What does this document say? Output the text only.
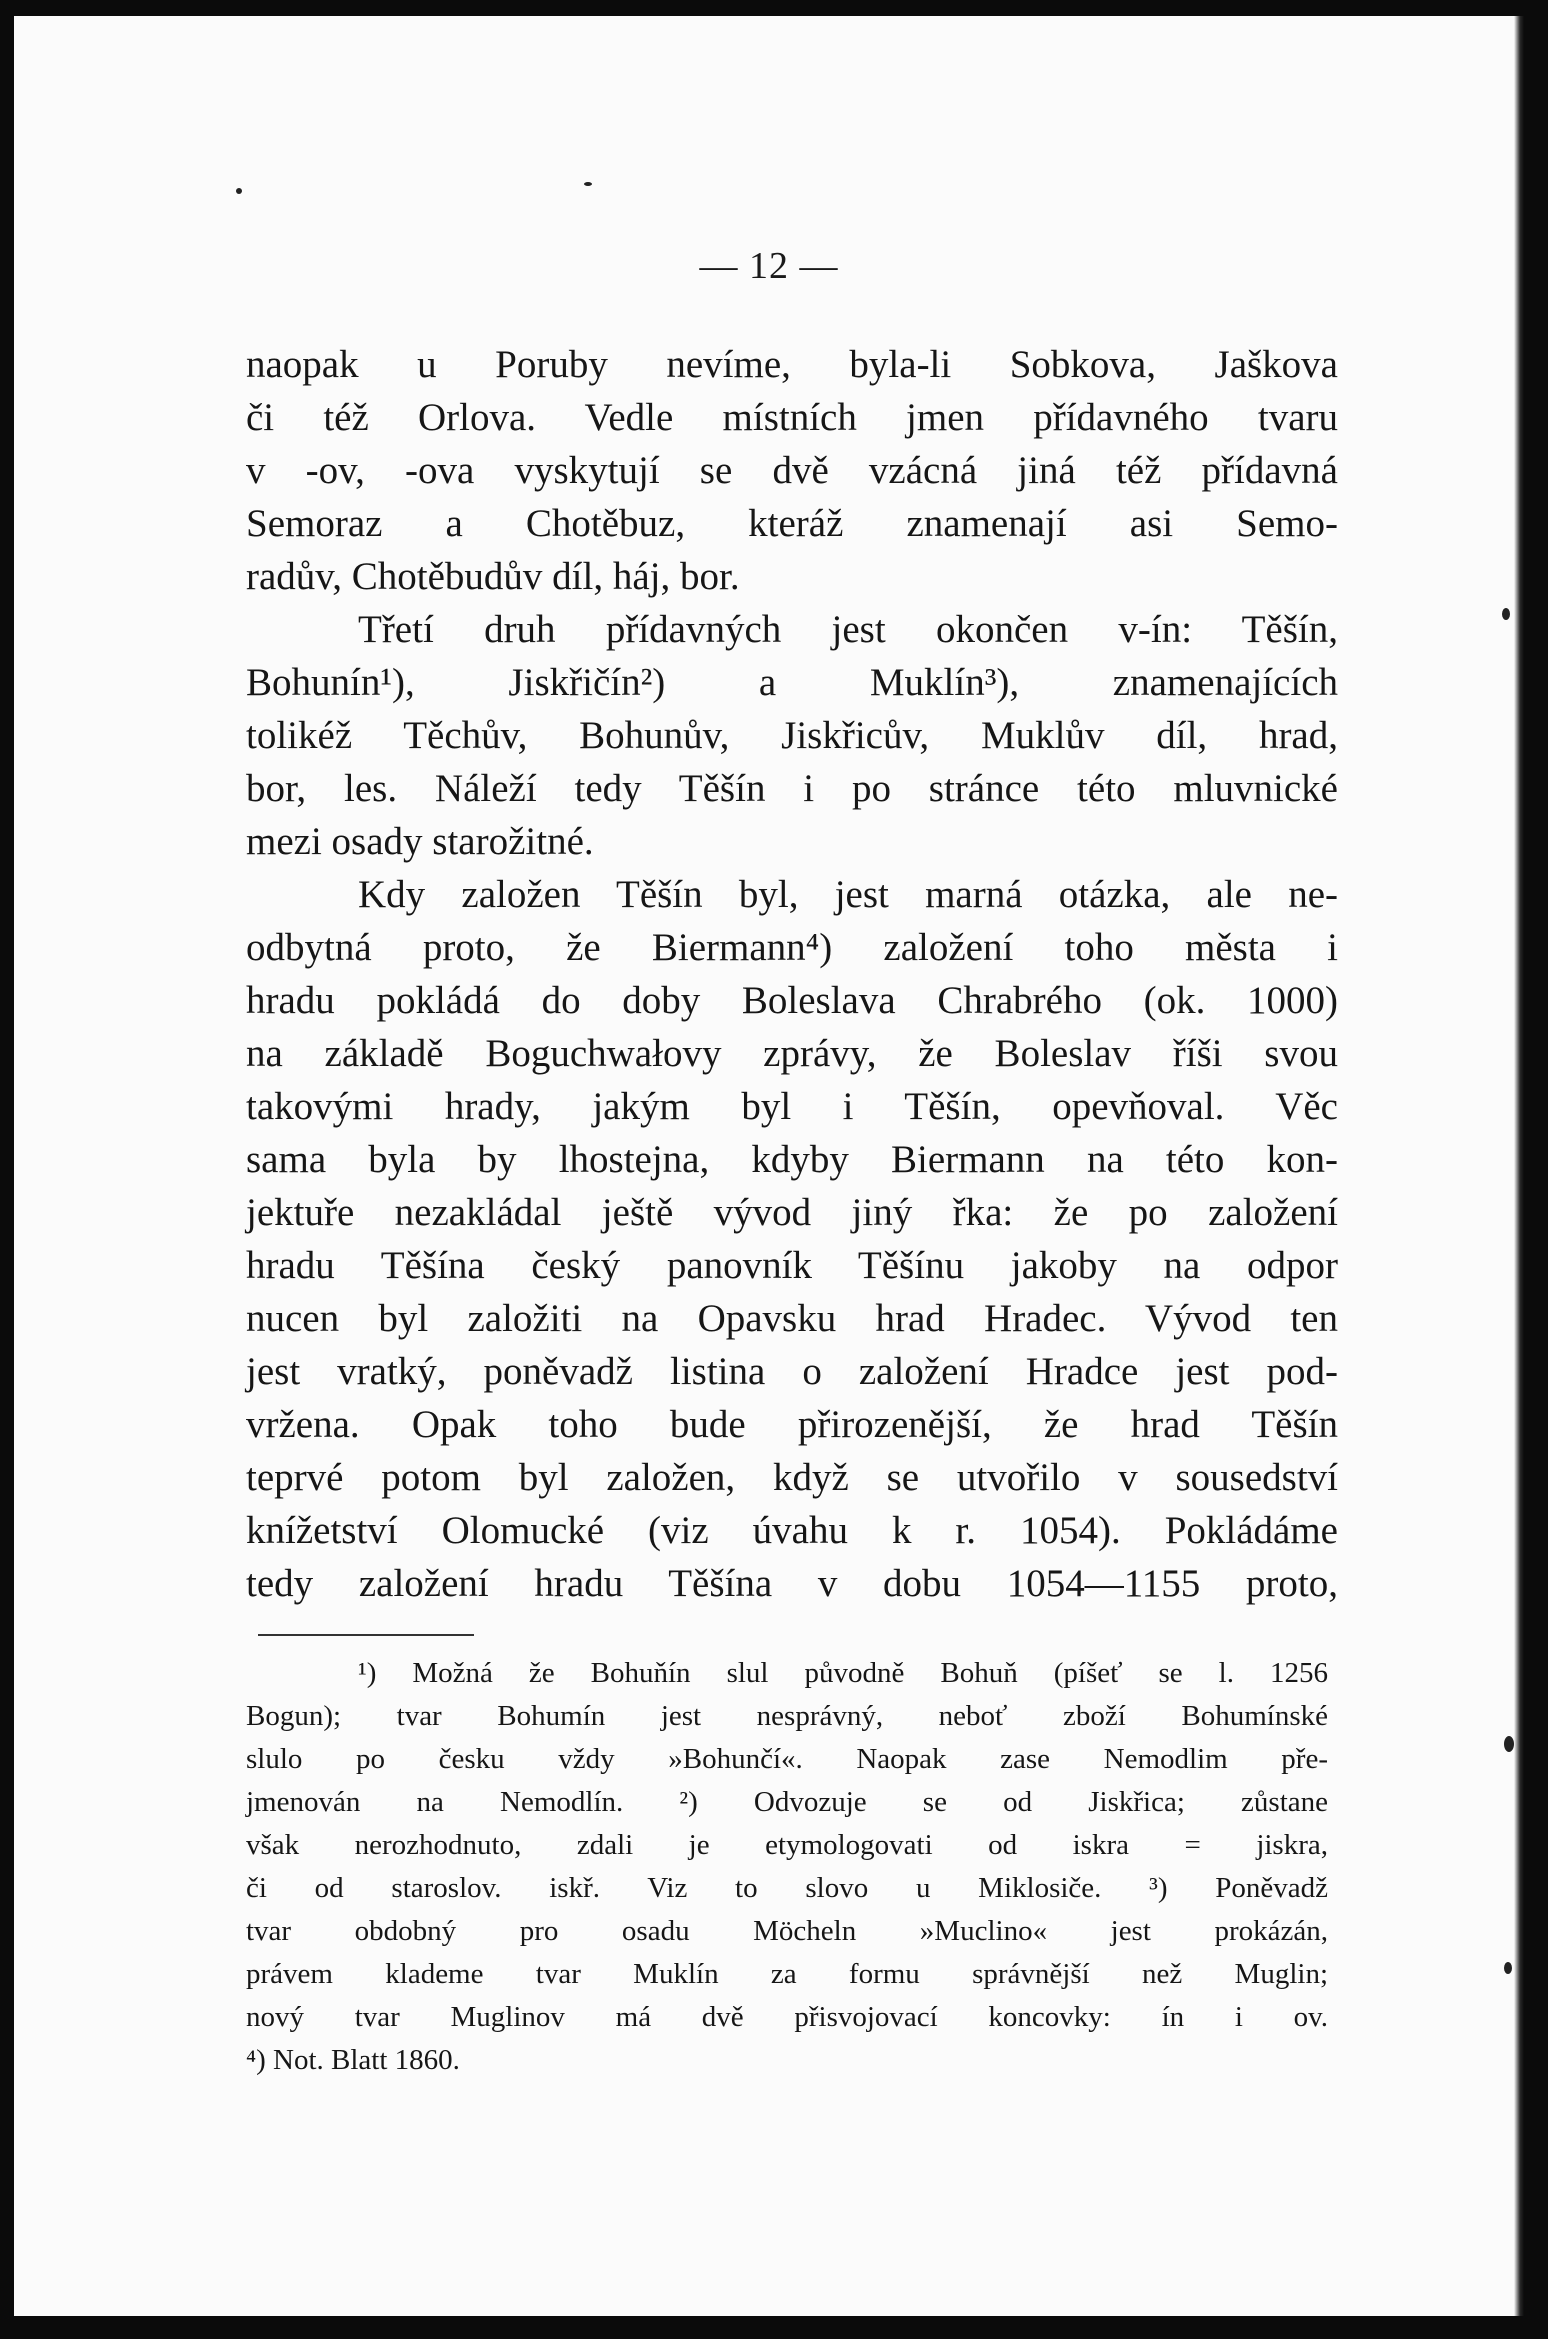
— 12 —
naopak u Poruby nevíme, byla-li Sobkova, Jaškova
či též Orlova. Vedle místních jmen přídavného tvaru
v -ov, -ova vyskytují se dvě vzácná jiná též přídavná
Semoraz a Chotěbuz, kteráž znamenají asi Semo-
radův, Chotěbudův díl, háj, bor.
Třetí druh přídavných jest okončen v-ín: Těšín,
Bohunín¹), Jiskřičín²) a Muklín³), znamenajících
tolikéž Těchův, Bohunův, Jiskřicův, Muklův díl, hrad,
bor, les. Náleží tedy Těšín i po stránce této mluvnické
mezi osady starožitné.
Kdy založen Těšín byl, jest marná otázka, ale ne-
odbytná proto, že Biermann⁴) založení toho města i
hradu pokládá do doby Boleslava Chrabrého (ok. 1000)
na základě Boguchwałovy zprávy, že Boleslav říši svou
takovými hrady, jakým byl i Těšín, opevňoval. Věc
sama byla by lhostejna, kdyby Biermann na této kon-
jektuře nezakládal ještě vývod jiný řka: že po založení
hradu Těšína český panovník Těšínu jakoby na odpor
nucen byl založiti na Opavsku hrad Hradec. Vývod ten
jest vratký, poněvadž listina o založení Hradce jest pod-
vržena. Opak toho bude přirozenější, že hrad Těšín
teprvé potom byl založen, když se utvořilo v sousedství
knížetství Olomucké (viz úvahu k r. 1054). Pokládáme
tedy založení hradu Těšína v dobu 1054—1155 proto,
¹) Možná že Bohuňín slul původně Bohuň (píšeť se l. 1256
Bogun); tvar Bohumín jest nesprávný, neboť zboží Bohumínské
slulo po česku vždy »Bohunčí«. Naopak zase Nemodlim pře-
jmenován na Nemodlín. ²) Odvozuje se od Jiskřica; zůstane
však nerozhodnuto, zdali je etymologovati od iskra = jiskra,
či od staroslov. iskř. Viz to slovo u Miklosiče. ³) Poněvadž
tvar obdobný pro osadu Möcheln »Muclino« jest prokázán,
právem klademe tvar Muklín za formu správnější než Muglin;
nový tvar Muglinov má dvě přisvojovací koncovky: ín i ov.
⁴) Not. Blatt 1860.
